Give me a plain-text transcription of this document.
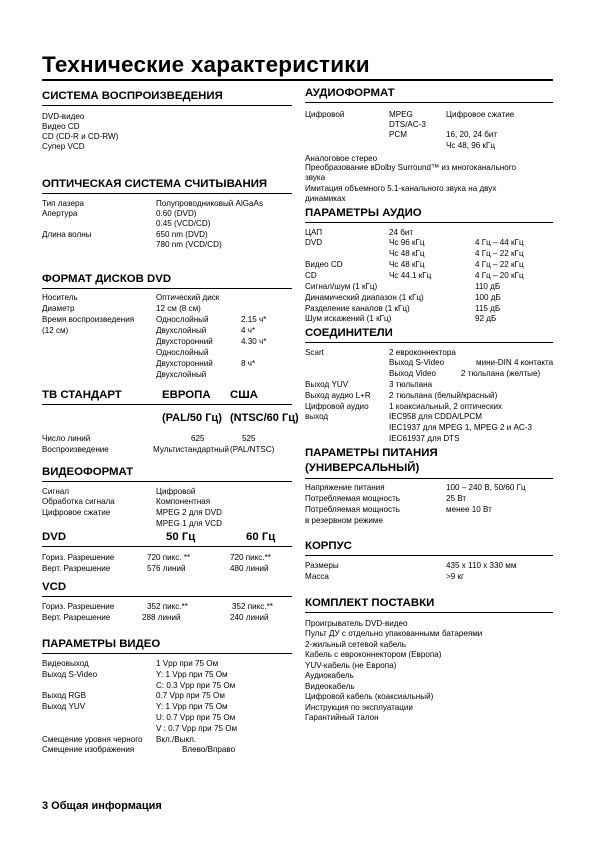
Технические характеристики
СИСТЕМА ВОСПРОИЗВЕДЕНИЯ
DVD-видео
Видео CD
CD (CD-R и CD-RW)
Супер VCD
ОПТИЧЕСКАЯ СИСТЕМА СЧИТЫВАНИЯ
Тип лазера	Полупроводниковый AlGaAs
Апертура	0.60 (DVD)
0.45 (VCD/CD)
Длина волны	650 nm (DVD)
780 nm (VCD/CD)
ФОРМАТ ДИСКОВ DVD
Носитель	Оптический диск
Диаметр	12 см (8 см)
Время воспроизведения
(12 см)
Однослойный	2.15 ч*
Двухслойный	4 ч*
Двухсторонний	4.30 ч*
Однослойный
Двухсторонний	8 ч*
Двухслойный
ТВ СТАНДАРТ	ЕВРОПА США
(PAL/50 Гц) (NTSC/60 Гц)
Число линий	625	525
Воспроизведение	Мультистандартный (PAL/NTSC)
ВИДЕОФОРМАТ
Сигнал	Цифровой
Обработка сигнала	Компонентная
Цифровое сжатие	MPEG 2 для DVD
MPEG 1 для VCD
DVD	50 Гц	60 Гц
Гориз. Разрешение	720 пикс. **	720 пикс.**
Верт. Разрешение	576 линий	480 линий
VCD
Гориз. Разрешение	352 пикс.**	352 пикс.**
Верт. Разрешение	288 линий	240 линий
ПАРАМЕТРЫ ВИДЕО
Видеовыход	1 Vpp при 75 Ом
Выход S-Video	Y: 1 Vpp при 75 Ом
C: 0.3 Vpp при 75 Ом
Выход RGB	0.7 Vpp при 75 Ом
Выход YUV	Y: 1 Vpp при 75 Ом
U: 0.7 Vpp при 75 Ом
V : 0.7 Vpp при 75 Ом
Смещение уровня черного Вкл./Выкл.
Смещение изображения	Влево/Вправо
АУДИОФОРМАТ
Цифровой	MPEG	Цифровое сжатие
DTS/AC-3
PCM	16, 20, 24 бит
Чс 48, 96 кГц
Аналоговое стерео
Преобразование вDolby Surround™ из многоканального
звука
Имитация объемного 5.1-канального звука на двух
динамиках
ПАРАМЕТРЫ АУДИО
ЦАП	24 бит
DVD	Чс 96 кГц	4 Гц – 44 кГц
Чс 48 кГц	4 Гц – 22 кГц
Видео CD	Чс 48 кГц	4 Гц – 22 кГц
CD	Чс 44.1 кГц	4 Гц – 20 кГц
Сигнал/шум (1 кГц)	110 дБ
Динамический диапазон (1 кГц)	100 дБ
Разделение каналов (1 кГц)	115 дБ
Шум искажений (1 кГц)	92 дБ
СОЕДИНИТЕЛИ
Scart	2 евроконнектора
Выход S-Video	мини-DIN 4 контакта
Выход Video	2 тюльпана (желтые)
Выход YUV	3 тюльпана
Выход аудио L+R 2 тюльпана (белый/красный)
Цифровой аудио
выход
1 коаксиальный, 2 оптических
IEC958 для CDDA/LPCM
IEC1937 для MPEG 1, MPEG 2 и AC-3
IEC61937 для DTS
ПАРАМЕТРЫ ПИТАНИЯ
(УНИВЕРСАЛЬНЫЙ)
Напряжение питания	100 – 240 В, 50/60 Гц
Потребляемая мощность	25 Вт
Потребляемая мощность	менее 10 Вт
в резервном режиме
КОРПУС
Размеры	435 x 110 x 330 мм
Масса	>9 кг
КОМПЛЕКТ ПОСТАВКИ
Проигрыватель DVD-видео
Пульт ДУ с отдельно упакованными батареями
2-жильный сетевой кабель
Кабель с евроконнектором (Европа)
YUV-кабель (не Европа)
Аудиокабель
Видеокабель
Цифровой кабель (коаксиальный)
Инструкция по эксплуатации
Гарантийный талон
3 Общая информация
